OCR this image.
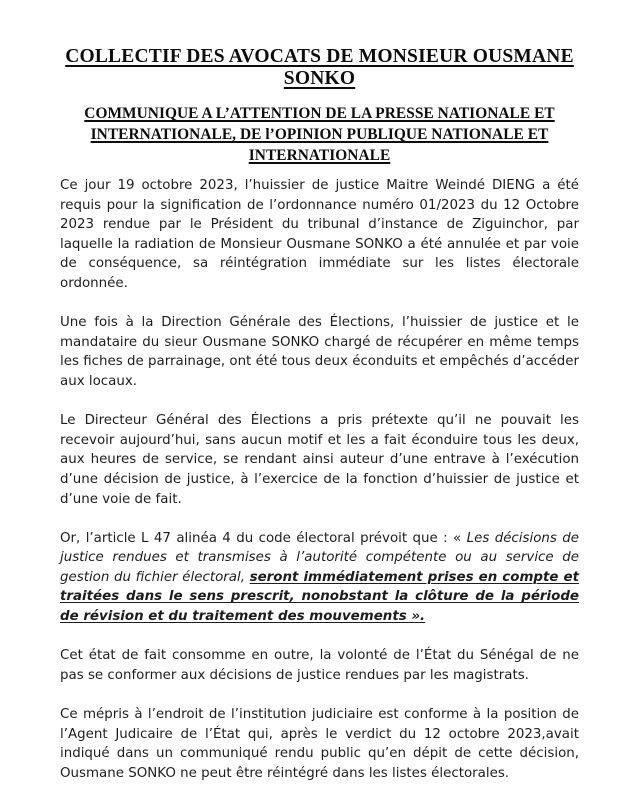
COLLECTIF DES AVOCATS DE MONSIEUR OUSMANE
SONKO
COMMUNIQUE A L’ATTENTION DE LA PRESSE NATIONALE ET
INTERNATIONALE, DE l’OPINION PUBLIQUE NATIONALE ET
INTERNATIONALE

Ce jour 19 octobre 2023, l’huissier de justice Maitre Weindé DIENG a été requis pour la signification de l’ordonnance numéro 01/2023 du 12 Octobre 2023 rendue par le Président du tribunal d’instance de Ziguinchor, par laquelle la radiation de Monsieur Ousmane SONKO a été annulée et par voie de conséquence, sa réintégration immédiate sur les listes électorale ordonnée.

Une fois à la Direction Générale des Élections, l’huissier de justice et le mandataire du sieur Ousmane SONKO chargé de récupérer en même temps les fiches de parrainage, ont été tous deux éconduits et empêchés d’accéder aux locaux.

Le Directeur Général des Élections a pris prétexte qu’il ne pouvait les recevoir aujourd’hui, sans aucun motif et les a fait éconduire tous les deux, aux heures de service, se rendant ainsi auteur d’une entrave à l’exécution d’une décision de justice, à l’exercice de la fonction d’huissier de justice et d’une voie de fait.

Or, l’article L 47 alinéa 4 du code électoral prévoit que : « Les décisions de justice rendues et transmises à l’autorité compétente ou au service de gestion du fichier électoral, seront immédiatement prises en compte et traitées dans le sens prescrit, nonobstant la clôture de la période de révision et du traitement des mouvements ».

Cet état de fait consomme en outre, la volonté de l’État du Sénégal de ne pas se conformer aux décisions de justice rendues par les magistrats.

Ce mépris à l’endroit de l’institution judiciaire est conforme à la position de l’Agent Judicaire de l’État qui, après le verdict du 12 octobre 2023,avait indiqué dans un communiqué rendu public qu’en dépit de cette décision, Ousmane SONKO ne peut être réintégré dans les listes électorales.
